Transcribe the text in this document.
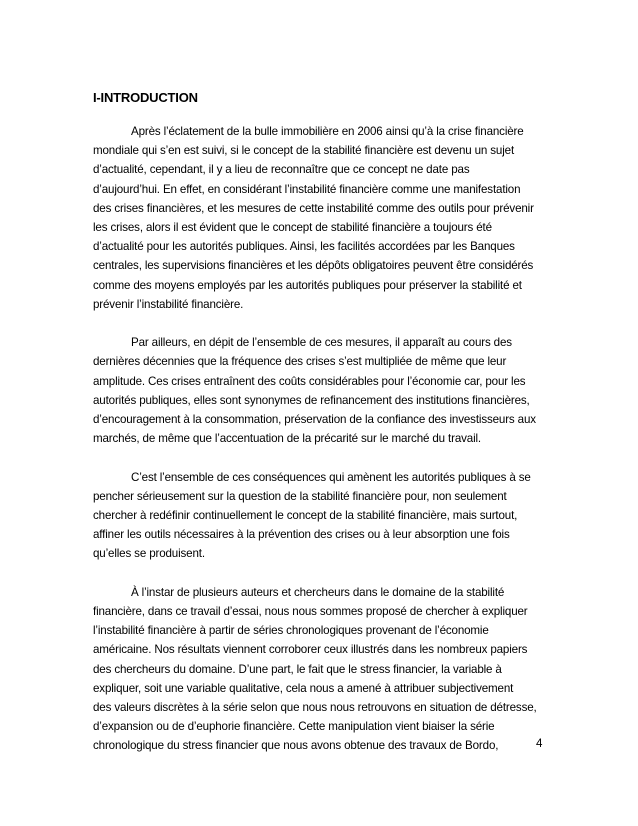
I-INTRODUCTION
Après l’éclatement de la bulle immobilière en 2006 ainsi qu’à la crise financière
mondiale qui s’en est suivi, si le concept de la stabilité financière est devenu un sujet
d’actualité, cependant, il y a lieu de reconnaître que ce concept ne date pas
d’aujourd’hui. En effet, en considérant l’instabilité financière comme une manifestation
des crises financières, et les mesures de cette instabilité comme des outils pour prévenir
les crises, alors il est évident que le concept de stabilité financière a toujours été
d’actualité pour les autorités publiques. Ainsi, les facilités accordées par les Banques
centrales, les supervisions financières et les dépôts obligatoires peuvent être considérés
comme des moyens employés par les autorités publiques pour préserver la stabilité et
prévenir l’instabilité financière.
Par ailleurs, en dépit de l’ensemble de ces mesures, il apparaît au cours des
dernières décennies que la fréquence des crises s’est multipliée de même que leur
amplitude. Ces crises entraînent des coûts considérables pour l’économie car, pour les
autorités publiques, elles sont synonymes de refinancement des institutions financières,
d’encouragement à la consommation, préservation de la confiance des investisseurs aux
marchés, de même que l’accentuation de la précarité sur le marché du travail.
C’est l’ensemble de ces conséquences qui amènent les autorités publiques à se
pencher sérieusement sur la question de la stabilité financière pour, non seulement
chercher à redéfinir continuellement le concept de la stabilité financière, mais surtout,
affiner les outils nécessaires à la prévention des crises ou à leur absorption une fois
qu’elles se produisent.
À l’instar de plusieurs auteurs et chercheurs dans le domaine de la stabilité
financière, dans ce travail d’essai, nous nous sommes proposé de chercher à expliquer
l’instabilité financière à partir de séries chronologiques provenant de l’économie
américaine. Nos résultats viennent corroborer ceux illustrés dans les nombreux papiers
des chercheurs du domaine. D’une part, le fait que le stress financier, la variable à
expliquer, soit une variable qualitative, cela nous a amené à attribuer subjectivement
des valeurs discrètes à la série selon que nous nous retrouvons en situation de détresse,
d’expansion ou de d’euphorie financière. Cette manipulation vient biaiser la série
chronologique du stress financier que nous avons obtenue des travaux de Bordo,	4
